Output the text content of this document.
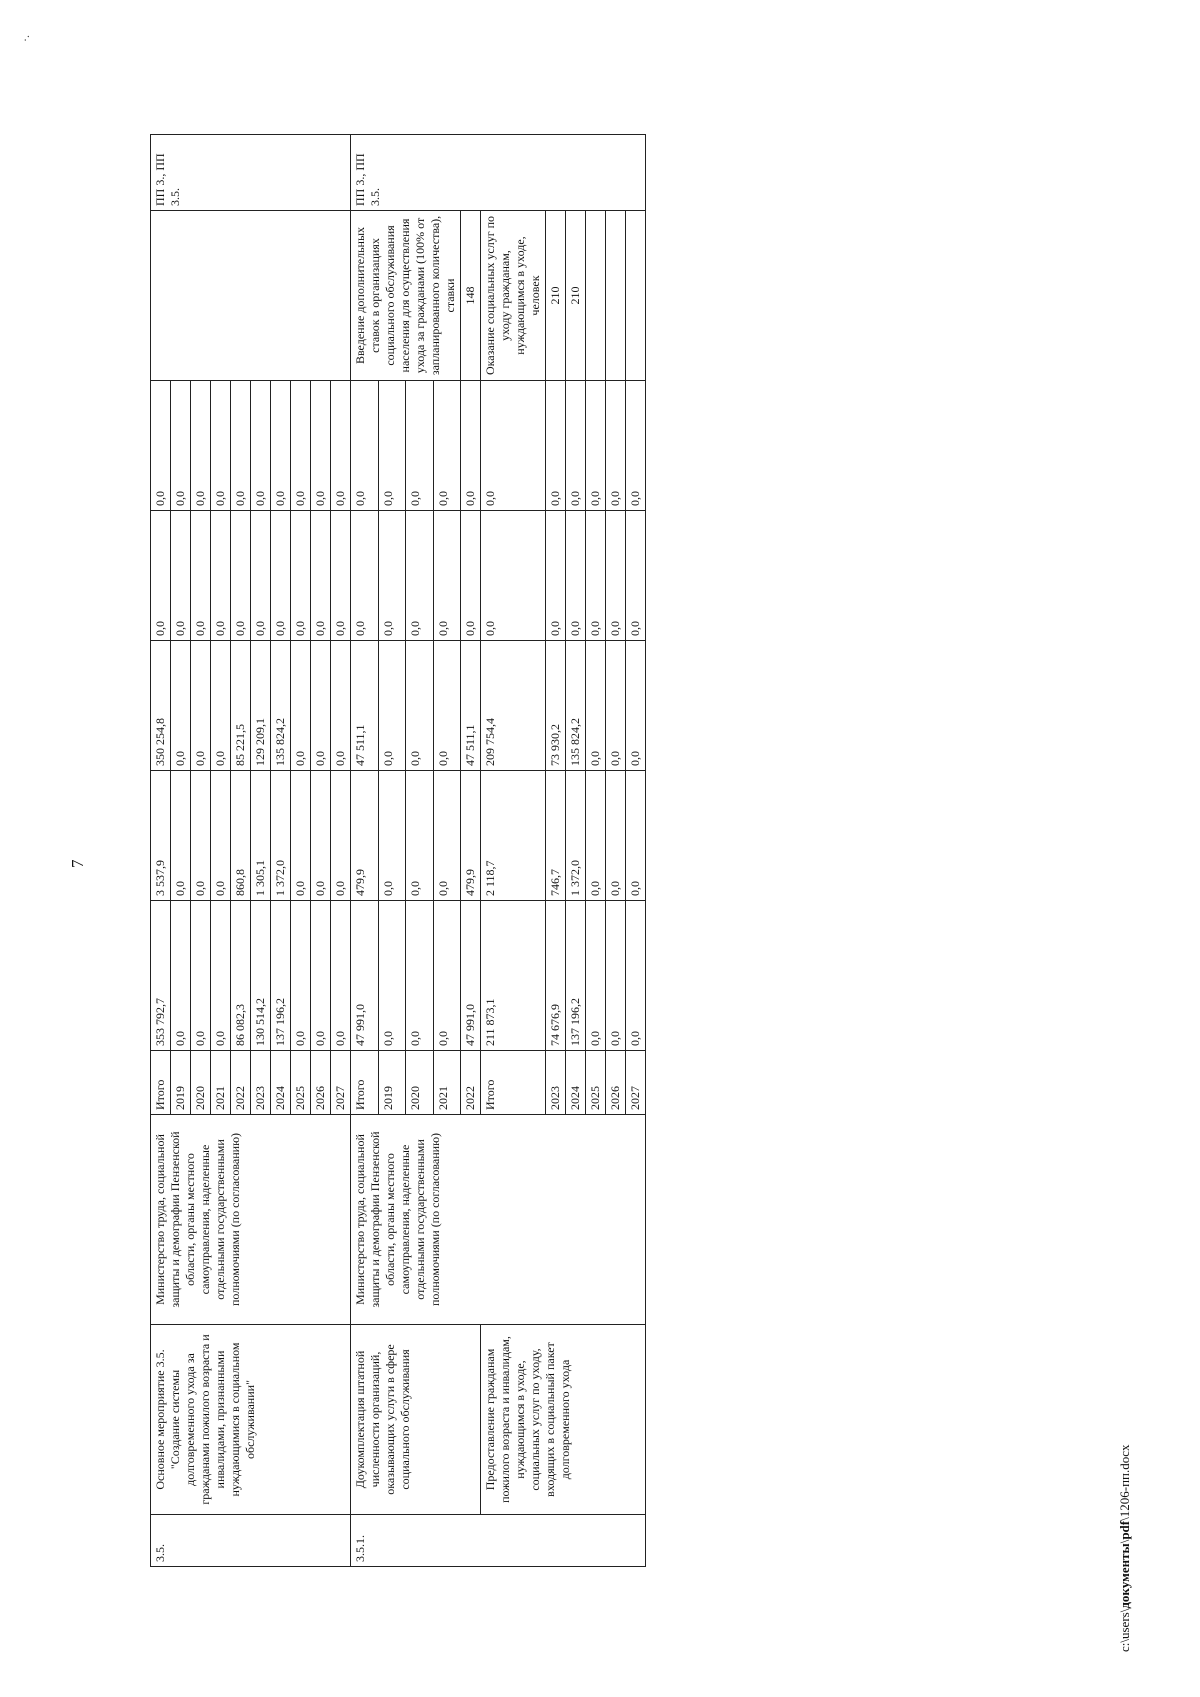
7
·.
3.5.	Основное мероприятие 3.5. "Создание системы долговременного ухода за гражданами пожилого возраста и инвалидами, признанными нуждающимися в социальном обслуживании"	Министерство труда, социальной защиты и демографии Пензенской области, органы местного самоуправления, наделенные отдельными государственными полномочиями (по согласованию)	Итого	353 792,7	3 537,9	350 254,8	0,0	0,0		ПП 3., ПП 3.5.
			2019	0,0	0,0	0,0	0,0	0,0		
			2020	0,0	0,0	0,0	0,0	0,0		
			2021	0,0	0,0	0,0	0,0	0,0		
			2022	86 082,3	860,8	85 221,5	0,0	0,0		
			2023	130 514,2	1 305,1	129 209,1	0,0	0,0		
			2024	137 196,2	1 372,0	135 824,2	0,0	0,0		
			2025	0,0	0,0	0,0	0,0	0,0		
			2026	0,0	0,0	0,0	0,0	0,0		
			2027	0,0	0,0	0,0	0,0	0,0		
3.5.1.	Доукомплектация штатной численности организаций, оказывающих услуги в сфере социального обслуживания	Министерство труда, социальной защиты и демографии Пензенской области, органы местного самоуправления, наделенные отдельными государственными полномочиями (по согласованию)	Итого	47 991,0	479,9	47 511,1	0,0	0,0	Введение дополнительных ставок в организациях социального обслуживания населения для осуществления ухода за гражданами (100% от запланированного количества), ставки	ПП 3., ПП 3.5.
			2019	0,0	0,0	0,0	0,0	0,0		
			2020	0,0	0,0	0,0	0,0	0,0		
			2021	0,0	0,0	0,0	0,0	0,0		
			2022	47 991,0	479,9	47 511,1	0,0	0,0	148	
	Предоставление гражданам пожилого возраста и инвалидам, нуждающимся в уходе, социальных услуг по уходу, входящих в социальный пакет долговременного ухода		Итого	211 873,1	2 118,7	209 754,4	0,0	0,0	Оказание социальных услуг по уходу гражданам, нуждающимся в уходе, человек	
			2023	74 676,9	746,7	73 930,2	0,0	0,0	210	
			2024	137 196,2	1 372,0	135 824,2	0,0	0,0	210	
			2025	0,0	0,0	0,0	0,0	0,0		
			2026	0,0	0,0	0,0	0,0	0,0		
			2027	0,0	0,0	0,0	0,0	0,0		
c:\users\документы\pdf\1206-пп.docx
